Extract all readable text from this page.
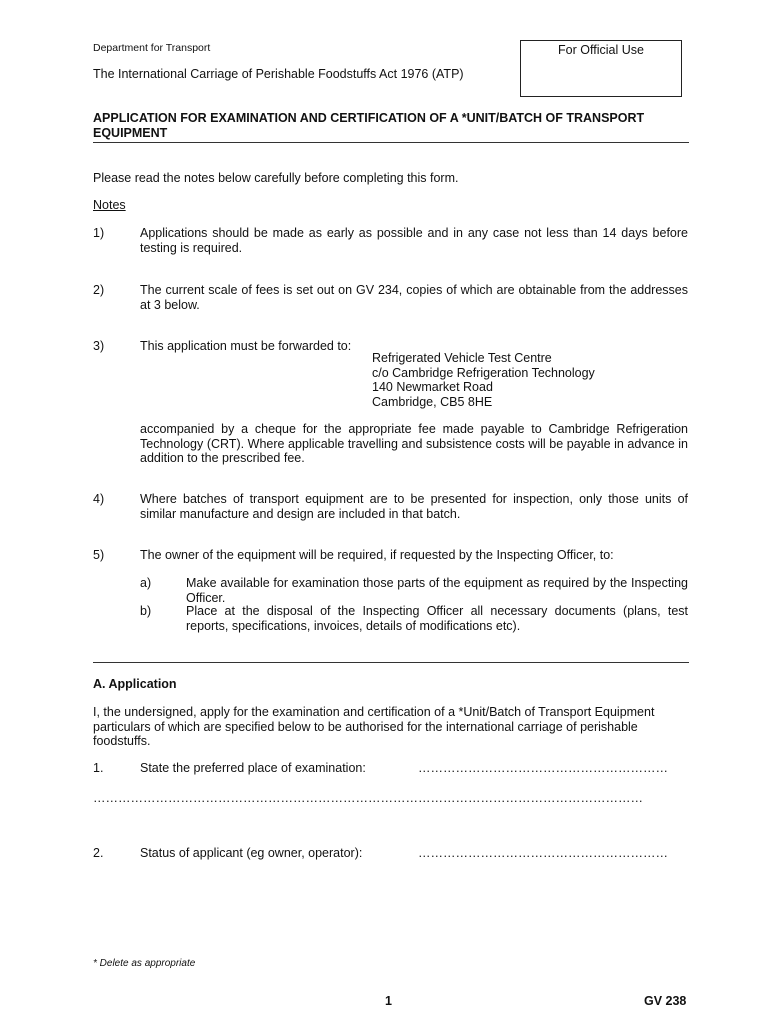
Department for Transport	For Official Use
The International Carriage of Perishable Foodstuffs Act 1976 (ATP)
APPLICATION FOR EXAMINATION AND CERTIFICATION OF A *UNIT/BATCH OF TRANSPORT EQUIPMENT
Please read the notes below carefully before completing this form.
Notes
1)	Applications should be made as early as possible and in any case not less than 14 days before testing is required.
2)	The current scale of fees is set out on GV 234, copies of which are obtainable from the addresses at 3 below.
3)	This application must be forwarded to:
Refrigerated Vehicle Test Centre
c/o Cambridge Refrigeration Technology
140 Newmarket Road
Cambridge, CB5 8HE
accompanied by a cheque for the appropriate fee made payable to Cambridge Refrigeration Technology (CRT). Where applicable travelling and subsistence costs will be payable in advance in addition to the prescribed fee.
4)	Where batches of transport equipment are to be presented for inspection, only those units of similar manufacture and design are included in that batch.
5)	The owner of the equipment will be required, if requested by the Inspecting Officer, to:
a)	Make available for examination those parts of the equipment as required by the Inspecting Officer.
b)	Place at the disposal of the Inspecting Officer all necessary documents (plans, test reports, specifications, invoices, details of modifications etc).
A. Application
I, the undersigned, apply for the examination and certification of a *Unit/Batch of Transport Equipment particulars of which are specified below to be authorised for the international carriage of perishable foodstuffs.
1.	State the preferred place of examination:	……………………………………………………
……………………………………………………………………………………………………………………
2.	Status of applicant (eg owner, operator):	……………………………………………………
* Delete as appropriate
1	GV 238
